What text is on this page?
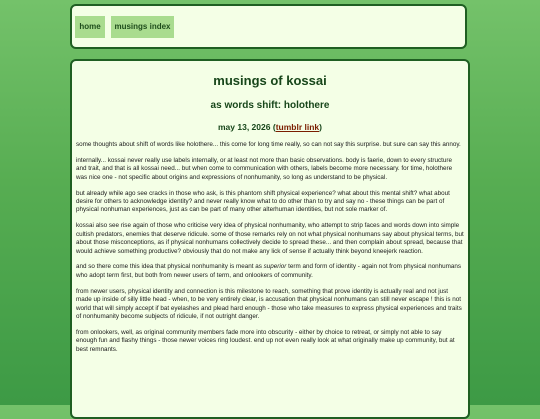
home	musings index
musings of kossai
as words shift: holothere
may 13, 2026 (tumblr link)

some thoughts about shift of words like holothere... this come for long time really, so can not say this surprise. but sure can say this annoy.

internally... kossai never really use labels internally, or at least not more than basic observations. body is faerie, down to every structure and trait, and that is all kossai need... but when come to communication with others, labels become more necessary. for time, holothere was nice one - not specific about origins and expressions of nonhumanity, so long as understand to be physical.

but already while ago see cracks in those who ask, is this phantom shift physical experience? what about this mental shift? what about desire for others to acknowledge identity? and never really know what to do other than to try and say no - these things can be part of physical nonhuman experiences, just as can be part of many other alterhuman identities, but not sole marker of.

kossai also see rise again of those who criticise very idea of physical nonhumanity, who attempt to strip faces and words down into simple cultish predators, enemies that deserve ridicule. some of those remarks rely on not what physical nonhumans say about physical terms, but about those misconceptions, as if physical nonhumans collectively decide to spread these... and then complain about spread, because that would achieve something productive? obviously that do not make any lick of sense if actually think beyond kneejerk reaction.

and so there come this idea that physical nonhumanity is meant as superior term and form of identity - again not from physical nonhumans who adopt term first, but both from newer users of term, and onlookers of community.

from newer users, physical identity and connection is this milestone to reach, something that prove identity is actually real and not just made up inside of silly little head - when, to be very entirely clear, is accusation that physical nonhumans can still never escape ! this is not world that will simply accept if bat eyelashes and plead hard enough - those who take measures to express physical experiences and traits of nonhumanity become subjects of ridicule, if not outright danger.

from onlookers, well, as original community members fade more into obscurity - either by choice to retreat, or simply not able to say enough fun and flashy things - those newer voices ring loudest. end up not even really look at what originally make up community, but at best remnants.
